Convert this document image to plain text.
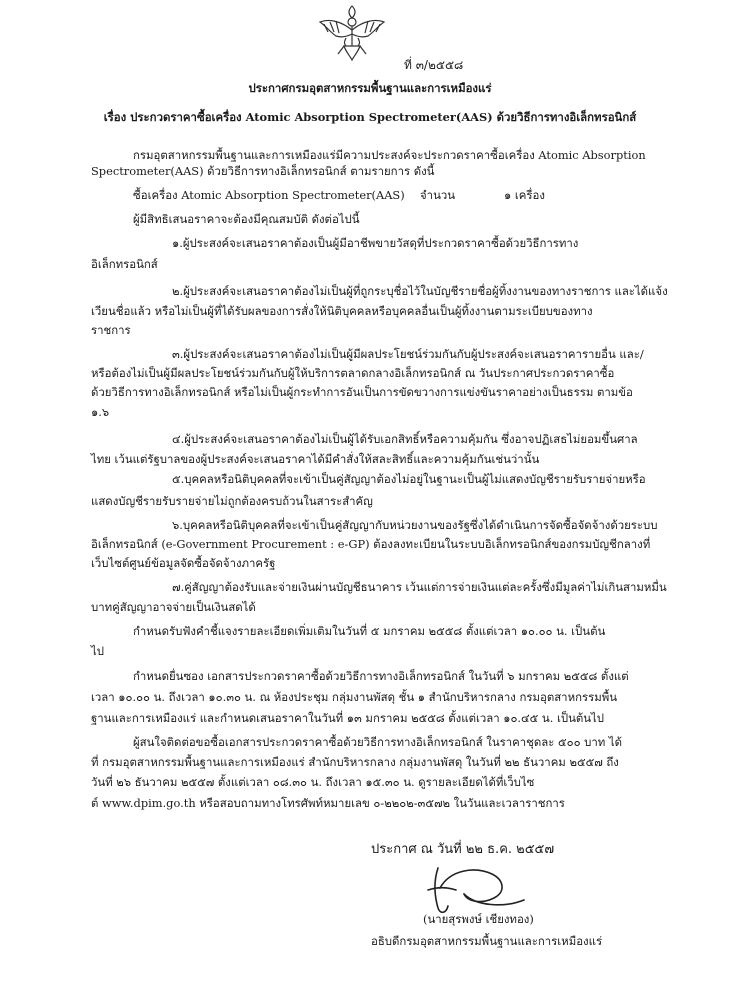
ที่ ๓/๒๕๕๘
ประกาศกรมอุตสาหกรรมพื้นฐานและการเหมืองแร่
เรื่อง ประกวดราคาซื้อเครื่อง Atomic Absorption Spectrometer(AAS) ด้วยวิธีการทางอิเล็กทรอนิกส์
กรมอุตสาหกรรมพื้นฐานและการเหมืองแร่มีความประสงค์จะประกวดราคาซื้อเครื่อง Atomic Absorption
Spectrometer(AAS) ด้วยวิธีการทางอิเล็กทรอนิกส์ ตามรายการ ดังนี้
ซื้อเครื่อง Atomic Absorption Spectrometer(AAS) จำนวน	๑ เครื่อง
ผู้มีสิทธิเสนอราคาจะต้องมีคุณสมบัติ ดังต่อไปนี้
๑.ผู้ประสงค์จะเสนอราคาต้องเป็นผู้มีอาชีพขายวัสดุที่ประกวดราคาซื้อด้วยวิธีการทาง
อิเล็กทรอนิกส์
๒.ผู้ประสงค์จะเสนอราคาต้องไม่เป็นผู้ที่ถูกระบุชื่อไว้ในบัญชีรายชื่อผู้ทิ้งงานของทางราชการ และได้แจ้ง
เวียนชื่อแล้ว หรือไม่เป็นผู้ที่ได้รับผลของการสั่งให้นิติบุคคลหรือบุคคลอื่นเป็นผู้ทิ้งงานตามระเบียบของทาง
ราชการ
๓.ผู้ประสงค์จะเสนอราคาต้องไม่เป็นผู้มีผลประโยชน์ร่วมกันกับผู้ประสงค์จะเสนอราคารายอื่น และ/
หรือต้องไม่เป็นผู้มีผลประโยชน์ร่วมกันกับผู้ให้บริการตลาดกลางอิเล็กทรอนิกส์ ณ วันประกาศประกวดราคาซื้อ
ด้วยวิธีการทางอิเล็กทรอนิกส์ หรือไม่เป็นผู้กระทำการอันเป็นการขัดขวางการแข่งขันราคาอย่างเป็นธรรม ตามข้อ
๑.๖
๔.ผู้ประสงค์จะเสนอราคาต้องไม่เป็นผู้ได้รับเอกสิทธิ์หรือความคุ้มกัน ซึ่งอาจปฏิเสธไม่ยอมขึ้นศาล
ไทย เว้นแต่รัฐบาลของผู้ประสงค์จะเสนอราคาได้มีคำสั่งให้สละสิทธิ์และความคุ้มกันเช่นว่านั้น
๕.บุคคลหรือนิติบุคคลที่จะเข้าเป็นคู่สัญญาต้องไม่อยู่ในฐานะเป็นผู้ไม่แสดงบัญชีรายรับรายจ่ายหรือ
แสดงบัญชีรายรับรายจ่ายไม่ถูกต้องครบถ้วนในสาระสำคัญ
๖.บุคคลหรือนิติบุคคลที่จะเข้าเป็นคู่สัญญากับหน่วยงานของรัฐซึ่งได้ดำเนินการจัดซื้อจัดจ้างด้วยระบบ
อิเล็กทรอนิกส์ (e-Government Procurement : e-GP) ต้องลงทะเบียนในระบบอิเล็กทรอนิกส์ของกรมบัญชีกลางที่
เว็บไซต์ศูนย์ข้อมูลจัดซื้อจัดจ้างภาครัฐ
๗.คู่สัญญาต้องรับและจ่ายเงินผ่านบัญชีธนาคาร เว้นแต่การจ่ายเงินแต่ละครั้งซึ่งมีมูลค่าไม่เกินสามหมื่น
บาทคู่สัญญาอาจจ่ายเป็นเงินสดได้
กำหนดรับฟังคำชี้แจงรายละเอียดเพิ่มเติมในวันที่ ๕ มกราคม ๒๕๕๘ ตั้งแต่เวลา ๑๐.๐๐ น. เป็นต้น
ไป
กำหนดยื่นซอง เอกสารประกวดราคาซื้อด้วยวิธีการทางอิเล็กทรอนิกส์ ในวันที่ ๖ มกราคม ๒๕๕๘ ตั้งแต่
เวลา ๑๐.๐๐ น. ถึงเวลา ๑๐.๓๐ น. ณ ห้องประชุม กลุ่มงานพัสดุ ชั้น ๑ สำนักบริหารกลาง กรมอุตสาหกรรมพื้น
ฐานและการเหมืองแร่ และกำหนดเสนอราคาในวันที่ ๑๓ มกราคม ๒๕๕๘ ตั้งแต่เวลา ๑๐.๔๕ น. เป็นต้นไป
ผู้สนใจติดต่อขอซื้อเอกสารประกวดราคาซื้อด้วยวิธีการทางอิเล็กทรอนิกส์ ในราคาชุดละ ๕๐๐ บาท ได้
ที่ กรมอุตสาหกรรมพื้นฐานและการเหมืองแร่ สำนักบริหารกลาง กลุ่มงานพัสดุ ในวันที่ ๒๒ ธันวาคม ๒๕๕๗ ถึง
วันที่ ๒๖ ธันวาคม ๒๕๕๗ ตั้งแต่เวลา ๐๘.๓๐ น. ถึงเวลา ๑๕.๓๐ น. ดูรายละเอียดได้ที่เว็บไซ
ต์ www.dpim.go.th หรือสอบถามทางโทรศัพท์หมายเลข ๐-๒๒๐๒-๓๕๗๒ ในวันและเวลาราชการ
ประกาศ ณ วันที่ ๒๒ ธ.ค. ๒๕๕๗
(นายสุรพงษ์ เชียงทอง)
อธิบดีกรมอุตสาหกรรมพื้นฐานและการเหมืองแร่
